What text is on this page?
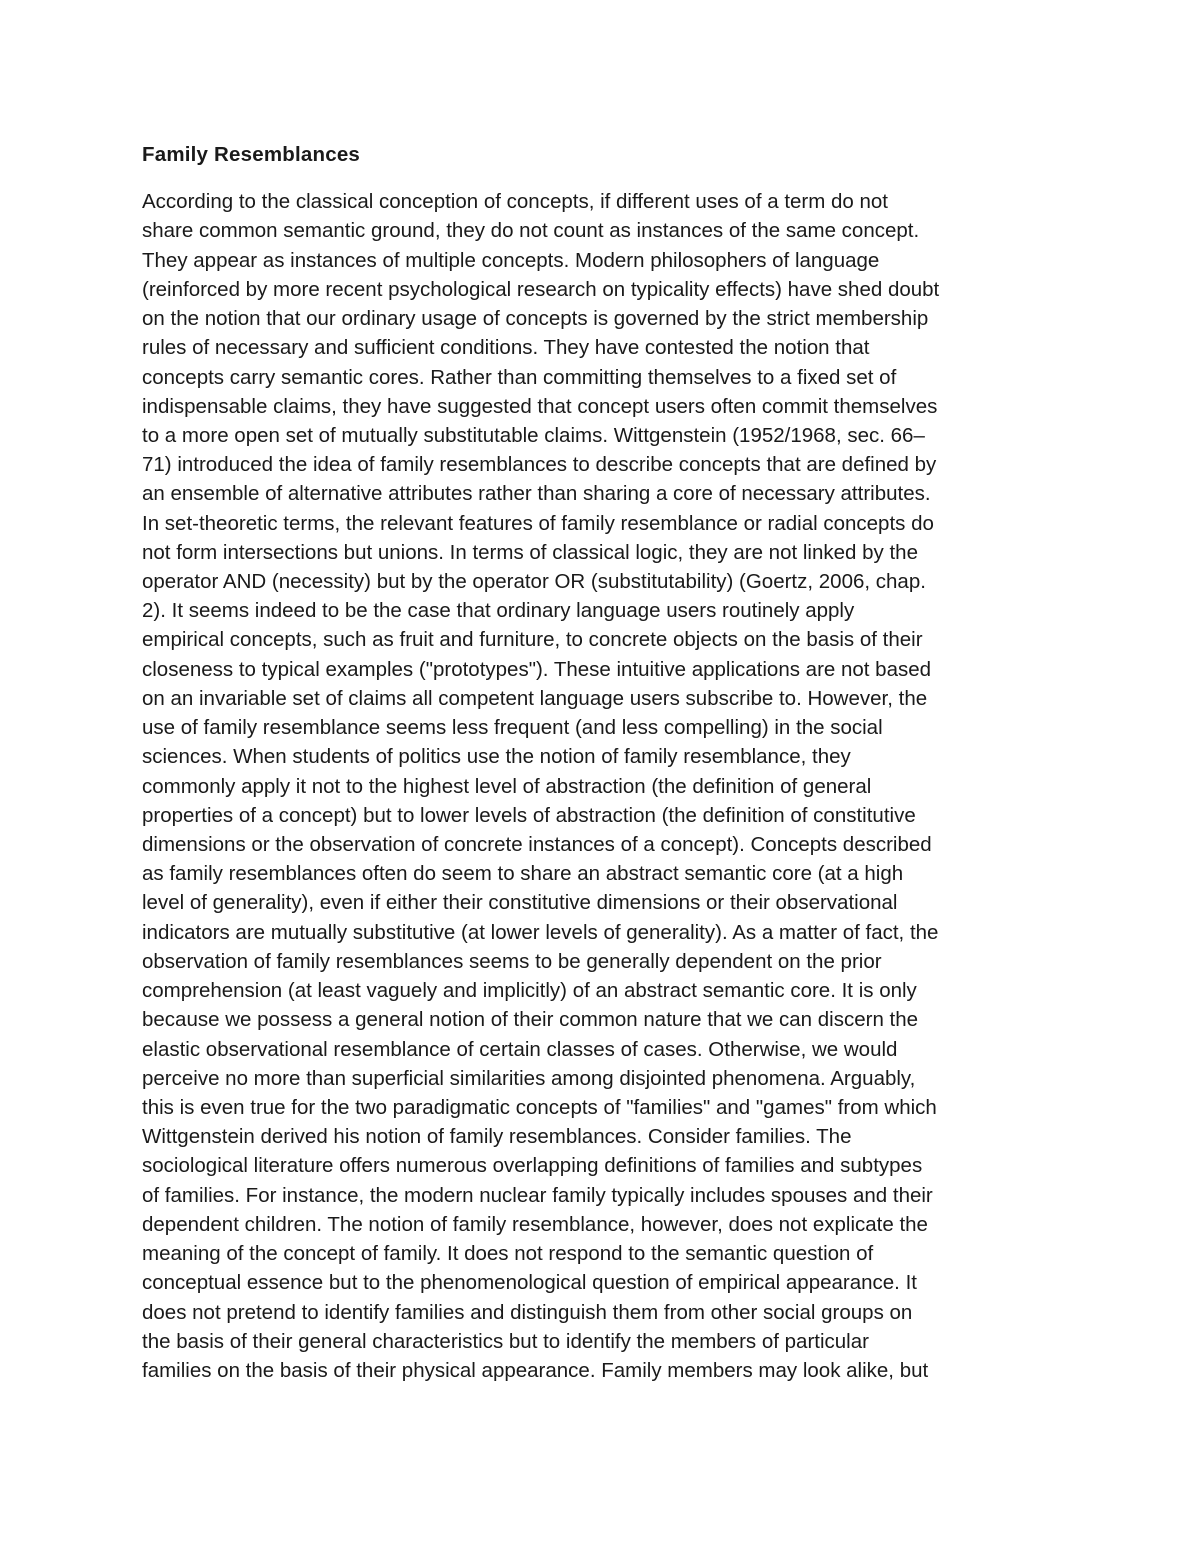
Family Resemblances
According to the classical conception of concepts, if different uses of a term do not
share common semantic ground, they do not count as instances of the same concept.
They appear as instances of multiple concepts. Modern philosophers of language
(reinforced by more recent psychological research on typicality effects) have shed doubt
on the notion that our ordinary usage of concepts is governed by the strict membership
rules of necessary and sufficient conditions. They have contested the notion that
concepts carry semantic cores. Rather than committing themselves to a fixed set of
indispensable claims, they have suggested that concept users often commit themselves
to a more open set of mutually substitutable claims. Wittgenstein (1952/1968, sec. 66–
71) introduced the idea of family resemblances to describe concepts that are defined by
an ensemble of alternative attributes rather than sharing a core of necessary attributes.
In set-theoretic terms, the relevant features of family resemblance or radial concepts do
not form intersections but unions. In terms of classical logic, they are not linked by the
operator AND (necessity) but by the operator OR (substitutability) (Goertz, 2006, chap.
2). It seems indeed to be the case that ordinary language users routinely apply
empirical concepts, such as fruit and furniture, to concrete objects on the basis of their
closeness to typical examples ("prototypes"). These intuitive applications are not based
on an invariable set of claims all competent language users subscribe to. However, the
use of family resemblance seems less frequent (and less compelling) in the social
sciences. When students of politics use the notion of family resemblance, they
commonly apply it not to the highest level of abstraction (the definition of general
properties of a concept) but to lower levels of abstraction (the definition of constitutive
dimensions or the observation of concrete instances of a concept). Concepts described
as family resemblances often do seem to share an abstract semantic core (at a high
level of generality), even if either their constitutive dimensions or their observational
indicators are mutually substitutive (at lower levels of generality). As a matter of fact, the
observation of family resemblances seems to be generally dependent on the prior
comprehension (at least vaguely and implicitly) of an abstract semantic core. It is only
because we possess a general notion of their common nature that we can discern the
elastic observational resemblance of certain classes of cases. Otherwise, we would
perceive no more than superficial similarities among disjointed phenomena. Arguably,
this is even true for the two paradigmatic concepts of "families" and "games" from which
Wittgenstein derived his notion of family resemblances. Consider families. The
sociological literature offers numerous overlapping definitions of families and subtypes
of families. For instance, the modern nuclear family typically includes spouses and their
dependent children. The notion of family resemblance, however, does not explicate the
meaning of the concept of family. It does not respond to the semantic question of
conceptual essence but to the phenomenological question of empirical appearance. It
does not pretend to identify families and distinguish them from other social groups on
the basis of their general characteristics but to identify the members of particular
families on the basis of their physical appearance. Family members may look alike, but
